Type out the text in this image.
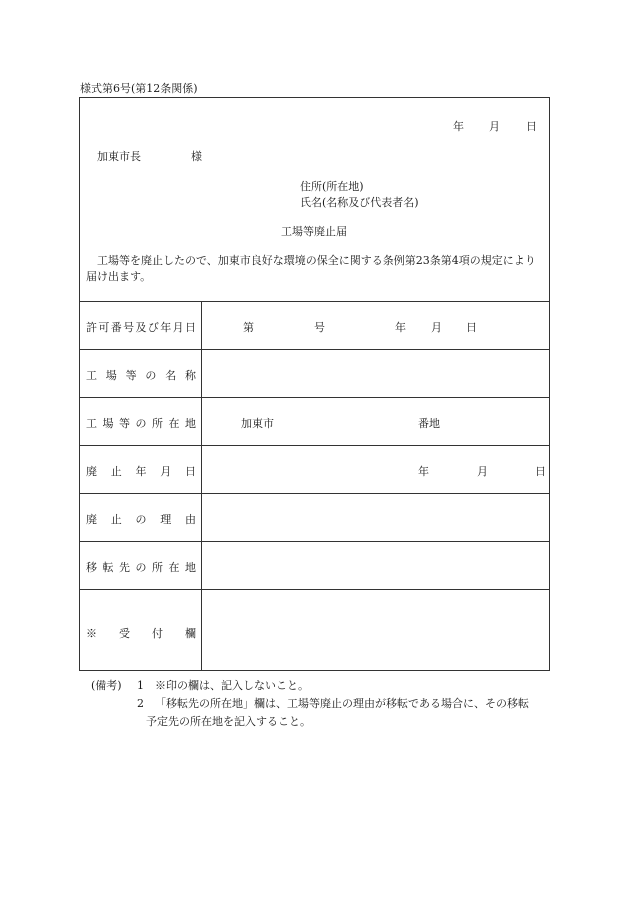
様式第6号(第12条関係)
年 月 日
加東市長	様
住所(所在地)
氏名(名称及び代表者名)
工場等廃止届
工場等を廃止したので、加東市良好な環境の保全に関する条例第23条第4項の規定により届け出ます。
許可番号及び年月日	第	号	年 月 日
工場等の名称
工場等の所在地	加東市	番地
廃止年月日	年	月	日
廃止の理由
移転先の所在地
※受付欄
(備考) 1 ※印の欄は、記入しないこと。
2 「移転先の所在地」欄は、工場等廃止の理由が移転である場合に、その移転
予定先の所在地を記入すること。
